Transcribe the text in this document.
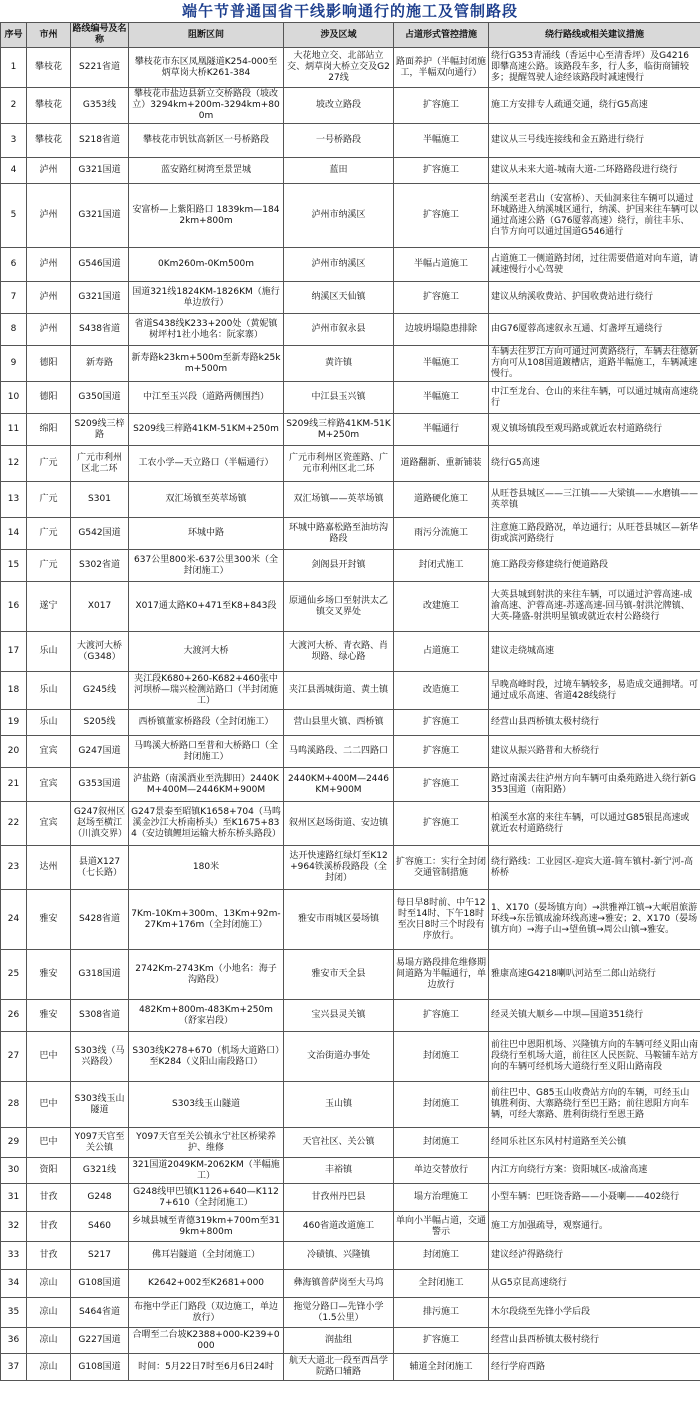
端午节普通国省干线影响通行的施工及管制路段
序号	市州	路线编号及名称	阻断区间	涉及区域	占道形式管控措施	绕行路线或相关建议措施
1	攀枝花	S221省道	攀枝花市东区凤凰隧道K254-000至炳草岗大桥K261-384	大花地立交、北部站立交、炳草岗大桥立交及G227线	路面养护（半幅封闭施工，半幅双向通行）	绕行G353青涌线（香运中心至清香坪）及G4216即攀高速公路。该路段车多，行人多，临街商铺较多；提醒驾驶人途经该路段时减速慢行
2	攀枝花	G353线	攀枝花市盐边县新立交桥路段（坡改立）3294km+200m-3294km+800m	坡改立路段	扩容施工	施工方安排专人疏通交通，绕行G5高速
3	攀枝花	S218省道	攀枝花市钒钛高新区一号桥路段	一号桥路段	半幅施工	建议从三号线连接线和金五路进行绕行
4	泸州	G321国道	蓝安路红树湾至景罡城	蓝田	扩容施工	建议从未来大道-城南大道-二环路路段进行绕行
5	泸州	G321国道	安富桥—上紫阳路口 1839km—1842km+800m	泸州市纳溪区	扩容施工	纳溪至老君山（安富桥）、天仙洞来往车辆可以通过环城路进入纳溪城区通行，纳溪、护国来往车辆可以通过高速公路（G76厦蓉高速）绕行，前往丰乐、白节方向可以通过国道G546通行
6	泸州	G546国道	0Km260m-0Km500m	泸州市纳溪区	半幅占道施工	占道施工一侧道路封闭，过往需要借道对向车道，请减速慢行小心驾驶
7	泸州	G321国道	国道321线1824KM-1826KM（施行单边放行）	纳溪区天仙镇	扩容施工	建议从纳溪收费站、护国收费站进行绕行
8	泸州	S438省道	省道S438线K233+200处（黄妮镇树坪村1社小地名：阮家寨）	泸州市叙永县	边坡坍塌隐患排除	由G76厦蓉高速叙永互通、灯盏坪互通绕行
9	德阳	新寿路	新寿路k23km+500m至新寿路k25km+500m	黄许镇	半幅施工	车辆去往罗江方向可通过河黄路绕行，车辆去往德新方向可从108国道踱槽店，道路半幅施工，车辆减速慢行。
10	德阳	G350国道	中江至玉兴段（道路两侧围挡）	中江县玉兴镇	半幅施工	中江至龙台、仓山的来往车辆，可以通过城南高速绕行
11	绵阳	S209线三梓路	S209线三梓路41KM-51KM+250m	S209线三梓路41KM-51KM+250m	半幅通行	观义镇场镇段至观玛路或就近农村道路绕行
12	广元	广元市利州区北二环	工农小学—天立路口（半幅通行）	广元市利州区瓷莲路、广元市利州区北二环	道路翻新、重新铺装	绕行G5高速
13	广元	S301	双汇场镇至英萃场镇	双汇场镇——英萃场镇	道路硬化施工	从旺苍县城区——三江镇——大梁镇——水磨镇——英萃镇
14	广元	G542国道	环城中路	环城中路嘉松路至油坊沟路段	雨污分流施工	注意施工路段路况，单边通行；从旺苍县城区—新华街或滨河路绕行
15	广元	S302省道	637公里800米-637公里300米（全封闭施工）	剑阁县开封镇	封闭式施工	施工路段旁修建绕行便道路段
16	遂宁	X017	X017通太路K0+471至K8+843段	原通仙乡场口至射洪太乙镇交叉界处	改建施工	大英县城到射洪的来往车辆，可以通过沪蓉高速-成渝高速、沪蓉高速-苏遂高速-回马镇-射洪沱牌镇、大英-隆盛-射洪明星镇或就近农村公路绕行
17	乐山	大渡河大桥（G348）	大渡河大桥	大渡河大桥、青衣路、肖坝路、绿心路	占道施工	建议走绕城高速
18	乐山	G245线	夹江段K680+260-K682+460张中河坝桥—瑞兴检测站路口（半封闭施工）	夹江县漹城街道、黄土镇	改造施工	早晚高峰时段，过境车辆较多，易造成交通拥堵。可通过成乐高速、省道428线绕行
19	乐山	S205线	西桥镇董家桥路段（全封闭施工）	营山县里火镇、西桥镇	扩容施工	经营山县西桥镇太极村绕行
20	宜宾	G247国道	马鸣溪大桥路口至普和大桥路口（全封闭施工）	马鸣溪路段、二二四路口	扩容施工	建议从振兴路普和大桥绕行
21	宜宾	G353国道	泸盐路（南溪酒业至洗脚田）2440KM+400M—2446KM+900M	2440KM+400M—2446KM+900M	扩容施工	路过南溪去往泸州方向车辆可由桑苑路进入绕行新G353国道（南阳路）
22	宜宾	G247叙州区赵场至横江（川滇交界）	G247景泰至昭镇K1658+704（马鸣溪金沙江大桥南桥头）至K1675+834（安边镇鲤垣运输大桥东桥头路段）	叙州区赵场街道、安边镇	扩容施工	柏溪至水富的来往车辆，可以通过G85银昆高速或就近农村道路绕行
23	达州	县道X127（七长路）	180米	达开快速路红绿灯至K12+964铁溪桥段路段（全封闭）	扩容施工：实行全封闭交通管制措施	绕行路线：工业园区-迎宾大道-简车镇村-新宁河-高桥桥
24	雅安	S428省道	7Km-10Km+300m、13Km+92m-27Km+176m（全封闭施工）	雅安市雨城区晏场镇	每日早8时前、中午12时至14时、下午18时至次日8时三个时段有序放行。	1、X170（晏场镇方向）→洪雅禅江镇→大岷眉旅游环线→东岳镇成渝环线高速→雅安；2、X170（晏场镇方向）→海子山→望鱼镇→周公山镇→雅安。
25	雅安	G318国道	2742Km-2743Km（小地名：海子沟路段）	雅安市天全县	易塌方路段排危维修期间道路为半幅通行，单边放行	雅康高速G4218喇叭河站至二郎山站绕行
26	雅安	S308省道	482Km+800m-483Km+250m（舒家岩段）	宝兴县灵关镇	扩容施工	经灵关镇大顺乡—中坝—国道351绕行
27	巴中	S303线（马兴路段）	S303线K278+670（机场大道路口）至K284（义阳山南段路口）	文治街道办事处	封闭施工	前往巴中恩阳机场、兴隆镇方向的车辆可经义阳山南段绕行至机场大道，前往区人民医院、马鞍铺车站方向的车辆可经机场大道绕行至义阳山路南段
28	巴中	S303线玉山隧道	S303线玉山隧道	玉山镇	封闭施工	前往巴中、G85玉山收费站方向的车辆，可经玉山镇胜利街、大寨路绕行至巴王路；前往恩阳方向车辆，可经大寨路、胜利街绕行至恩王路
29	巴中	Y097天官至关公镇	Y097天官至关公镇永宁社区桥梁养护、维修	天官社区、关公镇	封闭施工	经同乐社区东风村村道路至关公镇
30	资阳	G321线	321国道2049KM-2062KM（半幅施工）	丰裕镇	单边交替放行	内江方向绕行方案：资阳城区-成渝高速
31	甘孜	G248	G248线甲巴镇K1126+640—K1127+610（全封闭施工）	甘孜州丹巴县	塌方治理施工	小型车辆：巴旺饶香路——小聂喇——402绕行
32	甘孜	S460	乡城县城至青德319km+700m至319km+800m	460省道改道施工	单向小半幅占道，交通警示	施工方加强疏导，观察通行。
33	甘孜	S217	佛耳岩隧道（全封闭施工）	冷碛镇、兴隆镇	封闭施工	建议经泸得路绕行
34	凉山	G108国道	K2642+002至K2681+000	彝海镇普萨岗至大马坞	全封闭施工	从G5京昆高速绕行
35	凉山	S464省道	布拖中学正门路段（双边施工，单边放行）	拖觉分路口—先锋小学（1.5公里）	排污施工	木尔段绕至先锋小学后段
36	凉山	G227国道	合喟至二台坡K2388+000-K239+0000	润盐组	扩容施工	经营山县西桥镇太极村绕行
37	凉山	G108国道	时间：5月22日7时至6月6日24时	航天大道北一段至西昌学院路口辅路	辅道全封闭施工	经行学府西路
